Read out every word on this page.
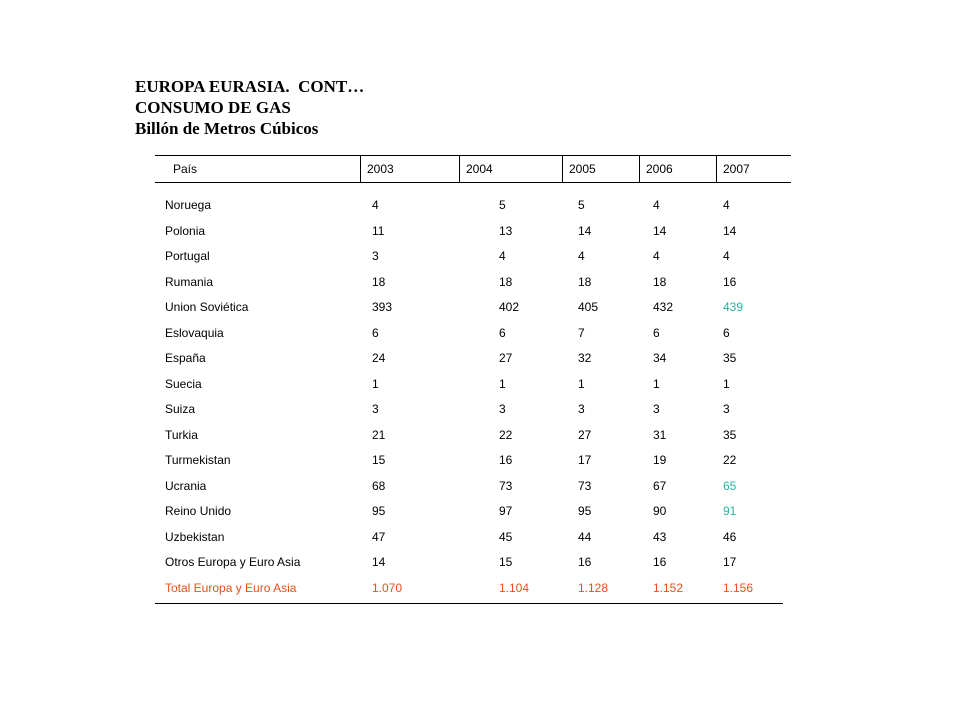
EUROPA EURASIA.  CONT…
CONSUMO DE GAS
Billón de Metros Cúbicos
País	2003	2004	2005	2006	2007
Noruega	4	5	5	4	4
Polonia	11	13	14	14	14
Portugal	3	4	4	4	4
Rumania	18	18	18	18	16
Union Soviética	393	402	405	432	439
Eslovaquia	6	6	7	6	6
España	24	27	32	34	35
Suecia	1	1	1	1	1
Suiza	3	3	3	3	3
Turkia	21	22	27	31	35
Turmekistan	15	16	17	19	22
Ucrania	68	73	73	67	65
Reino Unido	95	97	95	90	91
Uzbekistan	47	45	44	43	46
Otros Europa y Euro Asia	14	15	16	16	17
Total Europa y Euro Asia	1.070	1.104	1.128	1.152	1.156
